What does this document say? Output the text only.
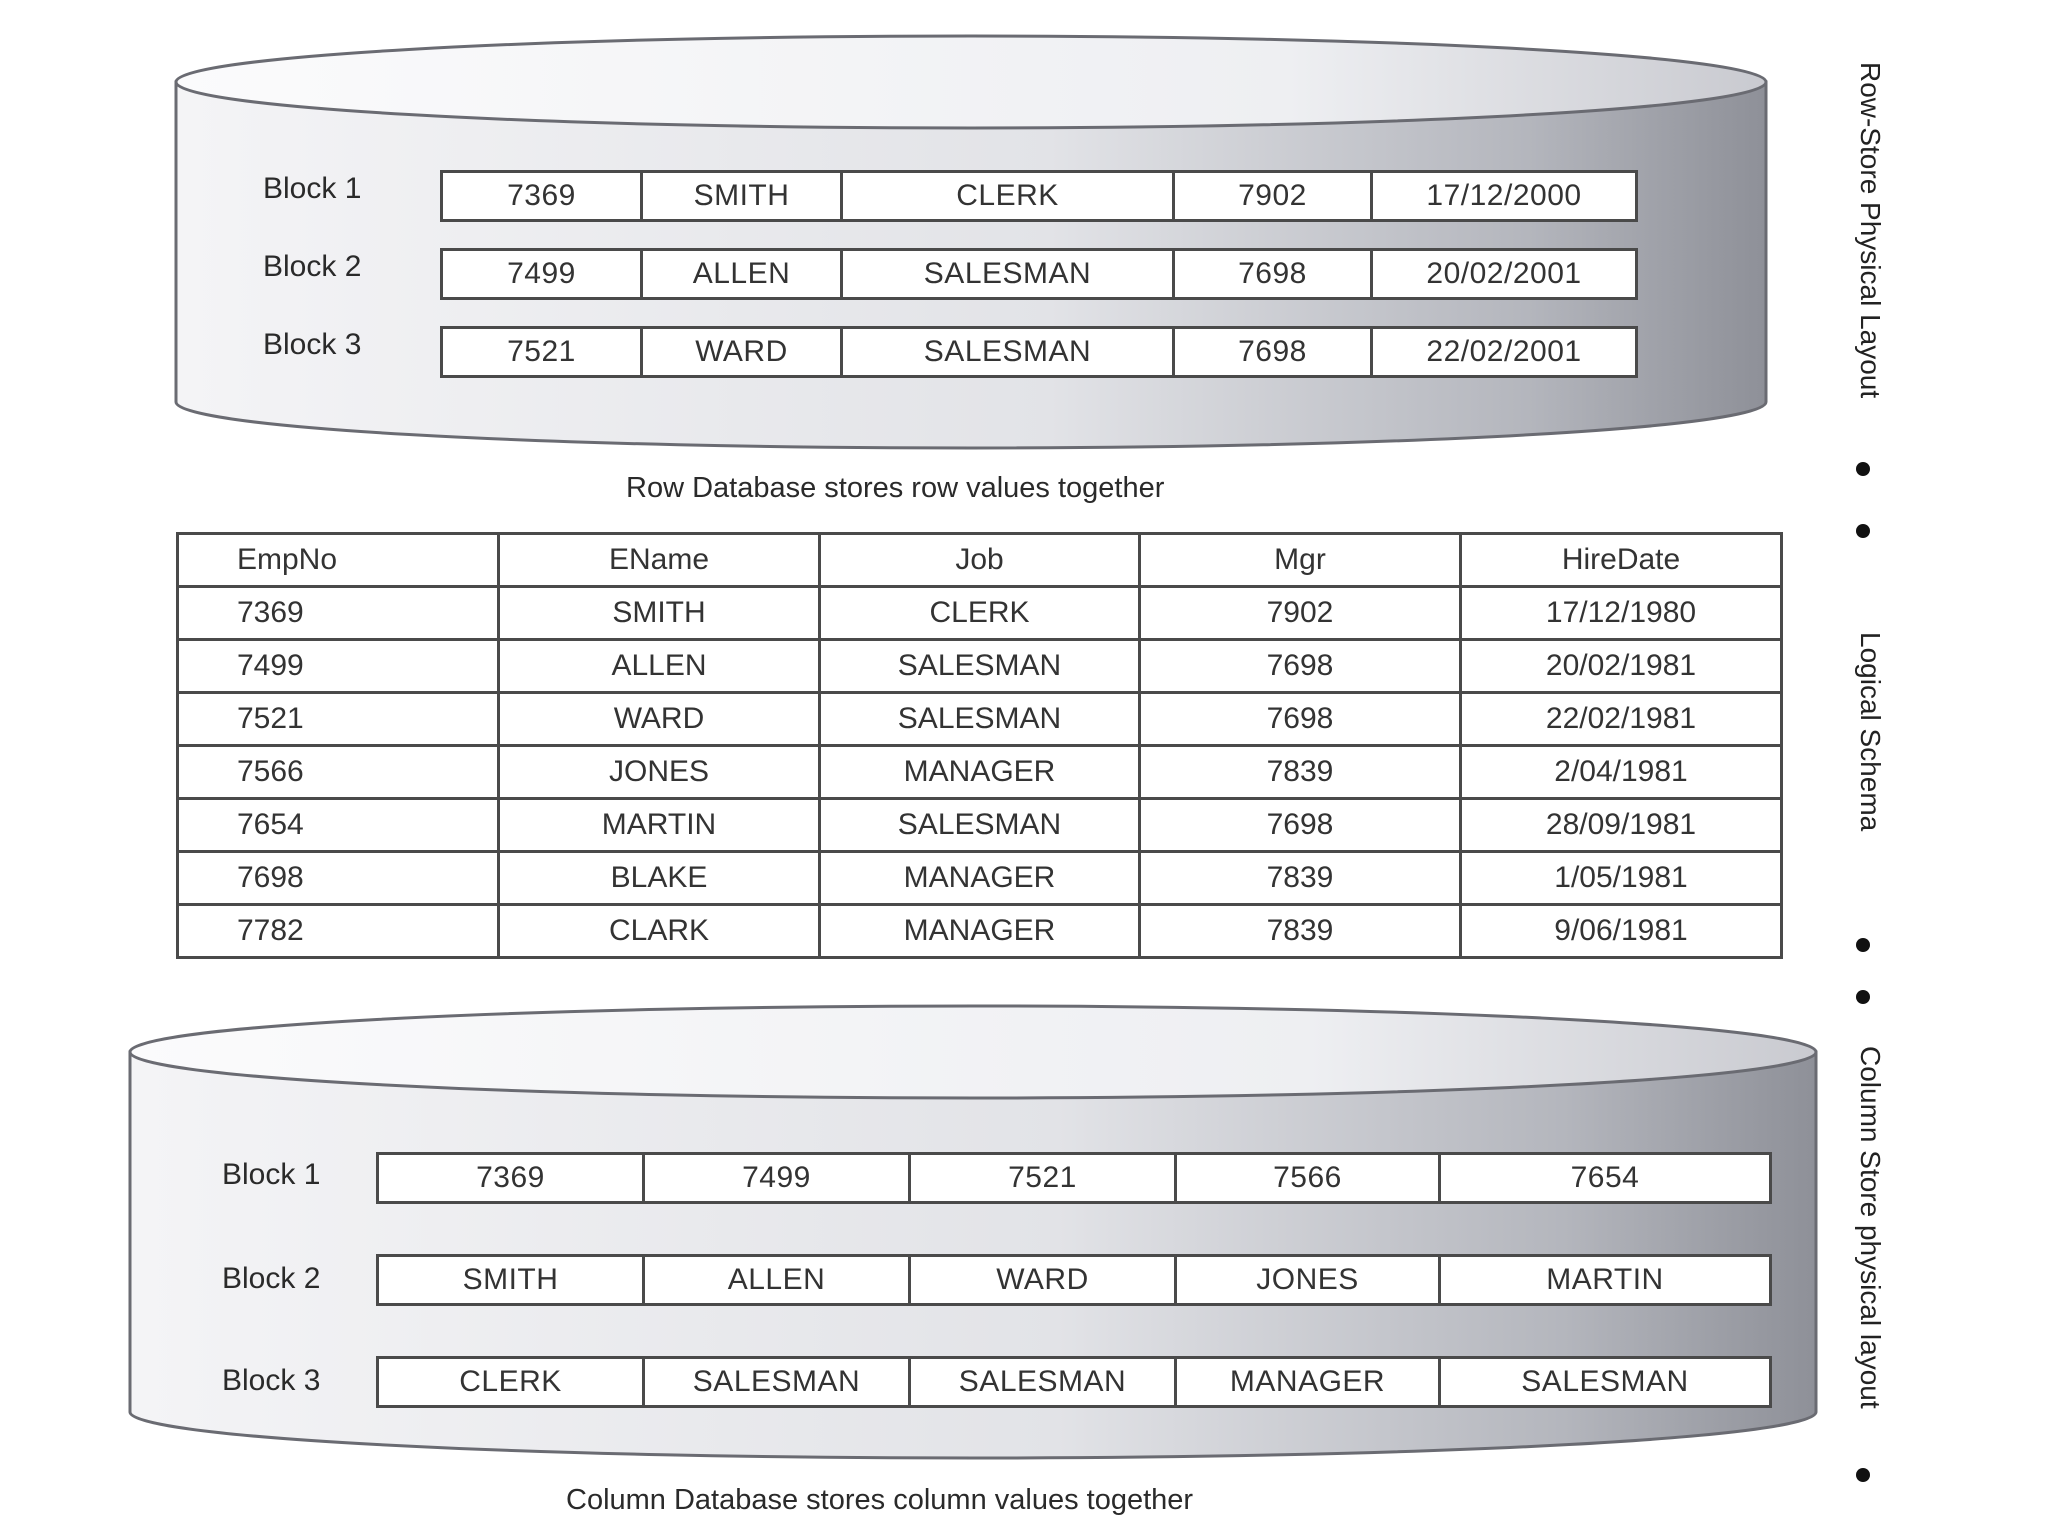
Block 1	7369	SMITH	CLERK	7902	17/12/2000
Block 2	7499	ALLEN	SALESMAN	7698	20/02/2001
Block 3	7521	WARD	SALESMAN	7698	22/02/2001
Row Database stores row values together
EmpNo	EName	Job	Mgr	HireDate
7369	SMITH	CLERK	7902	17/12/1980
7499	ALLEN	SALESMAN	7698	20/02/1981
7521	WARD	SALESMAN	7698	22/02/1981
7566	JONES	MANAGER	7839	2/04/1981
7654	MARTIN	SALESMAN	7698	28/09/1981
7698	BLAKE	MANAGER	7839	1/05/1981
7782	CLARK	MANAGER	7839	9/06/1981
Block 1	7369	7499	7521	7566	7654
Block 2	SMITH	ALLEN	WARD	JONES	MARTIN
Block 3	CLERK	SALESMAN	SALESMAN	MANAGER	SALESMAN
Column Database stores column values together
Row-Store Physical Layout
Logical Schema
Column Store physical layout
